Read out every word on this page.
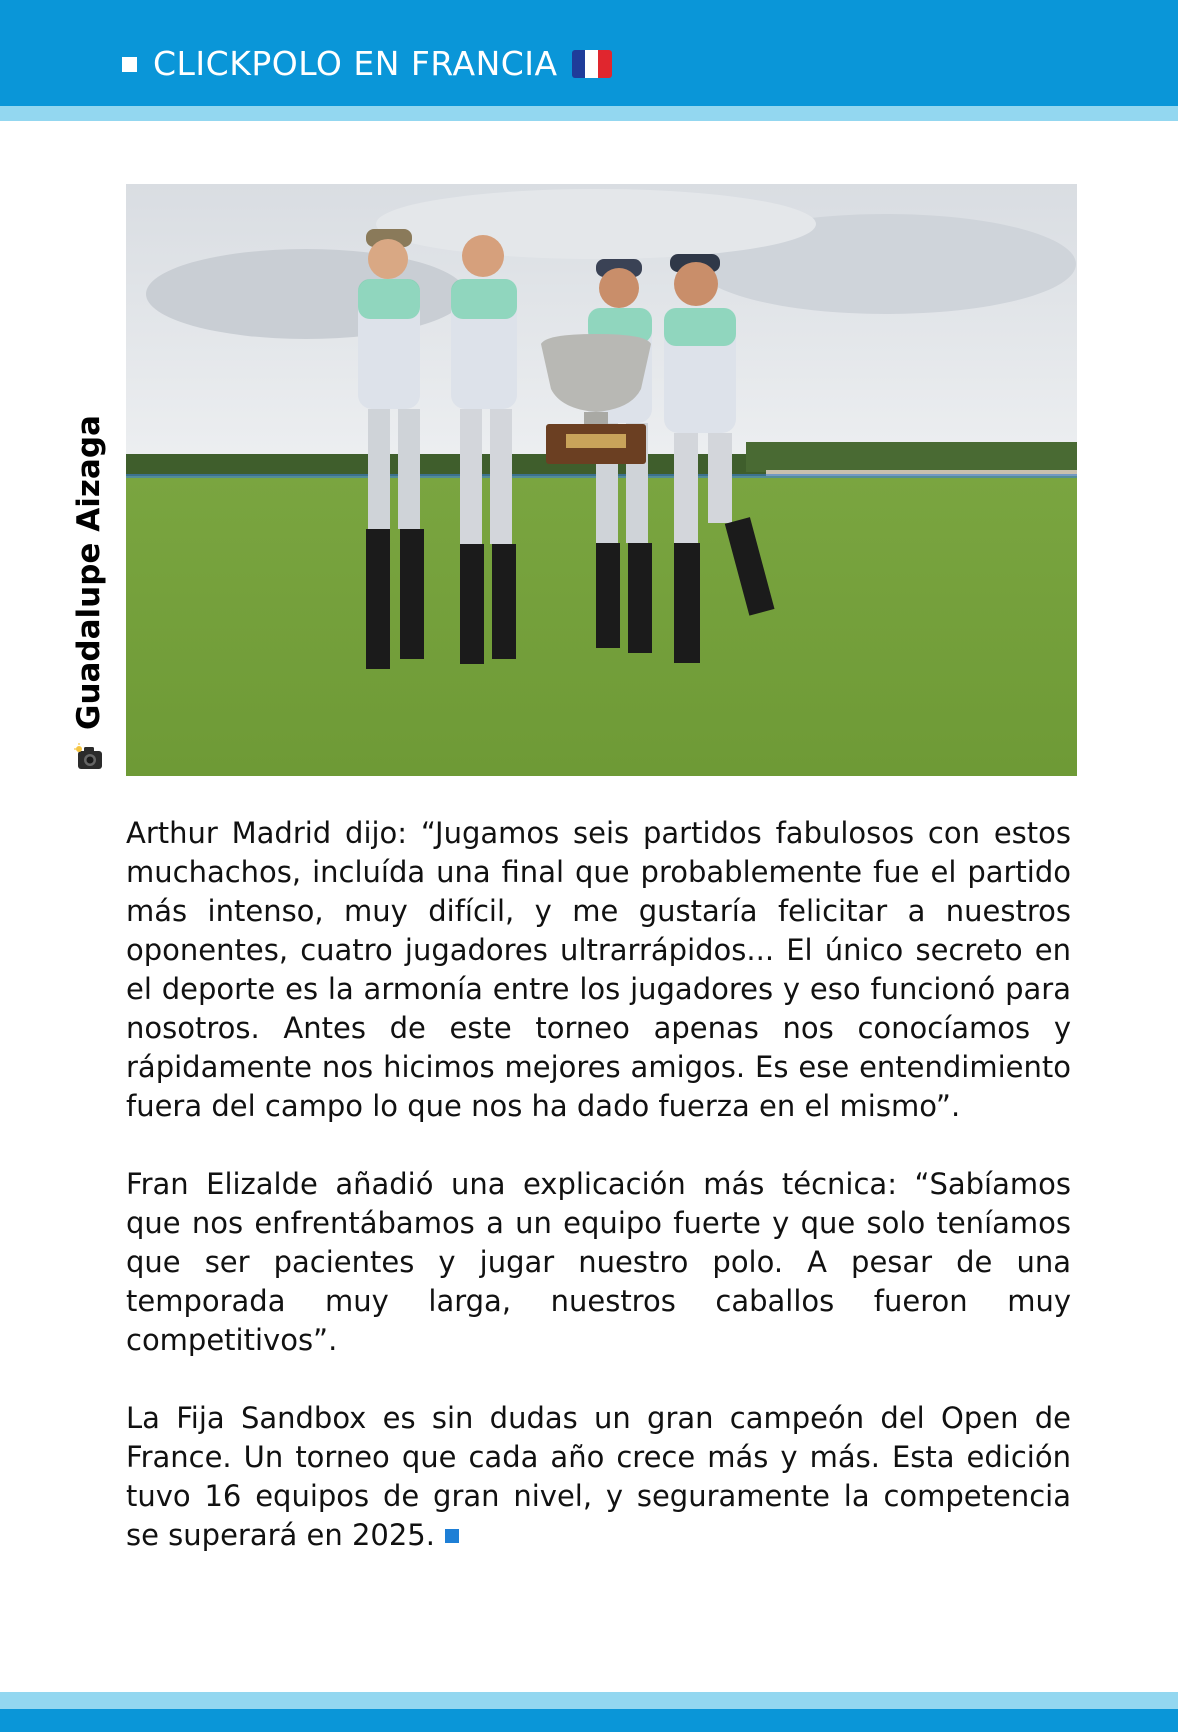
CLICKPOLO EN FRANCIA
Guadalupe Aizaga

Arthur Madrid dijo: “Jugamos seis partidos fabulosos con estos muchachos, incluída una final que probablemente fue el partido más intenso, muy difícil, y me gustaría felicitar a nuestros oponentes, cuatro jugadores ultrarrápidos... El único secreto en el deporte es la armonía entre los jugadores y eso funcionó para nosotros. Antes de este torneo apenas nos conocíamos y rápidamente nos hicimos mejores amigos. Es ese entendimiento fuera del campo lo que nos ha dado fuerza en el mismo”.

Fran Elizalde añadió una explicación más técnica: “Sabíamos que nos enfrentábamos a un equipo fuerte y que solo teníamos que ser pacientes y jugar nuestro polo. A pesar de una temporada muy larga, nuestros caballos fueron muy competitivos”.

La Fija Sandbox es sin dudas un gran campeón del Open de France. Un torneo que cada año crece más y más. Esta edición tuvo 16 equipos de gran nivel, y seguramente la competencia se superará en 2025.
